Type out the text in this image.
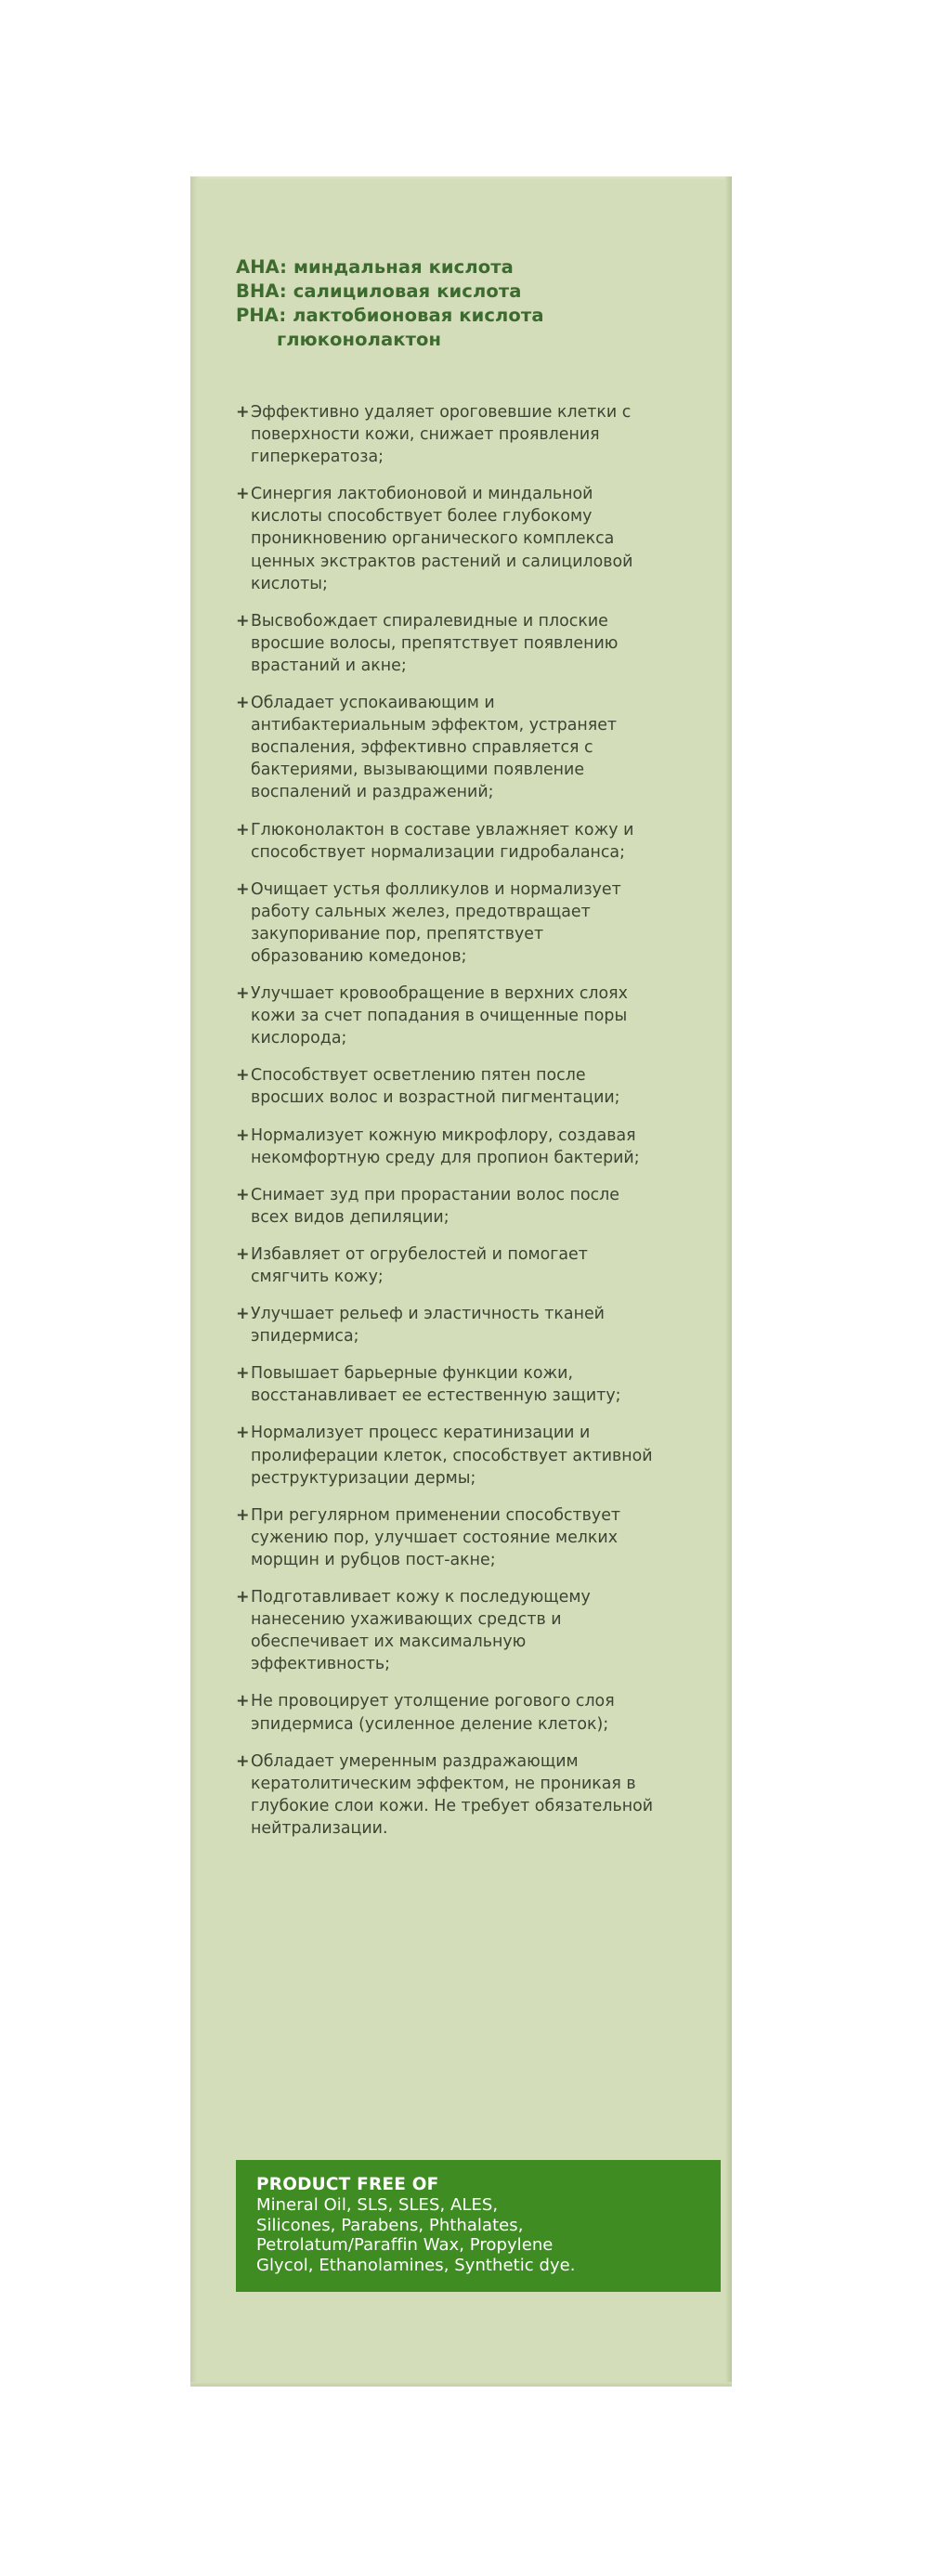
AHA: миндальная кислота
BHA: салициловая кислота
PHA: лактобионовая кислота
глюконолактон
+ Эффективно удаляет ороговевшие клетки с поверхности кожи, снижает проявления гиперкератоза;
+ Синергия лактобионовой и миндальной кислоты способствует более глубокому проникновению органического комплекса ценных экстрактов растений и салициловой кислоты;
+ Высвобождает спиралевидные и плоские вросшие волосы, препятствует появлению врастаний и акне;
+ Обладает успокаивающим и антибактериальным эффектом, устраняет воспаления, эффективно справляется с бактериями, вызывающими появление воспалений и раздражений;
+ Глюконолактон в составе увлажняет кожу и способствует нормализации гидробаланса;
+ Очищает устья фолликулов и нормализует работу сальных желез, предотвращает закупоривание пор, препятствует образованию комедонов;
+ Улучшает кровообращение в верхних слоях кожи за счет попадания в очищенные поры кислорода;
+ Способствует осветлению пятен после вросших волос и возрастной пигментации;
+ Нормализует кожную микрофлору, создавая некомфортную среду для пропион бактерий;
+ Снимает зуд при прорастании волос после всех видов депиляции;
+ Избавляет от огрубелостей и помогает смягчить кожу;
+ Улучшает рельеф и эластичность тканей эпидермиса;
+ Повышает барьерные функции кожи, восстанавливает ее естественную защиту;
+ Нормализует процесс кератинизации и пролиферации клеток, способствует активной реструктуризации дермы;
+ При регулярном применении способствует сужению пор, улучшает состояние мелких морщин и рубцов пост-акне;
+ Подготавливает кожу к последующему нанесению ухаживающих средств и обеспечивает их максимальную эффективность;
+ Не провоцирует утолщение рогового слоя эпидермиса (усиленное деление клеток);
+ Обладает умеренным раздражающим кератолитическим эффектом, не проникая в глубокие слои кожи. Не требует обязательной нейтрализации.
PRODUCT FREE OF
Mineral Oil, SLS, SLES, ALES,
Silicones, Parabens, Phthalates,
Petrolatum/Paraffin Wax, Propylene
Glycol, Ethanolamines, Synthetic dye.
